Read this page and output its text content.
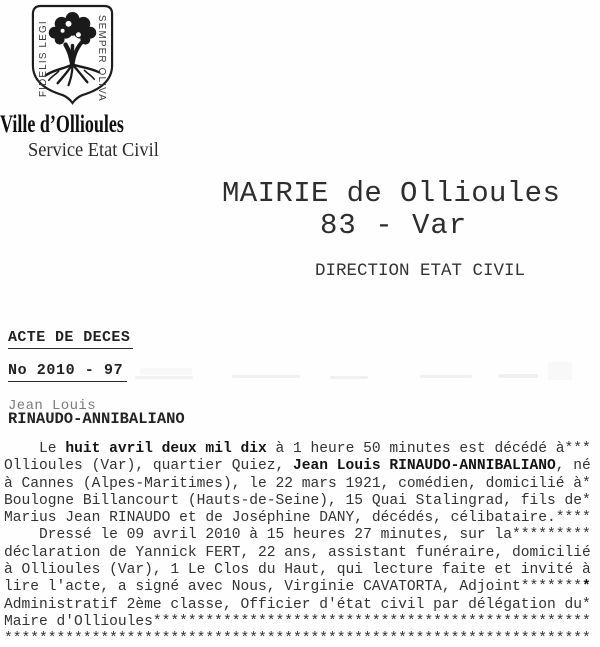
FIDELIS LEGI	SEMPER OLIVA
Ville d’Ollioules
Service Etat Civil
MAIRIE de Ollioules
83 - Var
DIRECTION ETAT CIVIL
ACTE DE DECES
No 2010 - 97
Jean Louis
RINAUDO-ANNIBALIANO
Le huit avril deux mil dix à 1 heure 50 minutes est décédé à***
Ollioules (Var), quartier Quiez, Jean Louis RINAUDO-ANNIBALIANO, né
à Cannes (Alpes-Maritimes), le 22 mars 1921, comédien, domicilié à*
Boulogne Billancourt (Hauts-de-Seine), 15 Quai Stalingrad, fils de*
Marius Jean RINAUDO et de Joséphine DANY, décédés, célibataire.****
Dressé le 09 avril 2010 à 15 heures 27 minutes, sur la*********
déclaration de Yannick FERT, 22 ans, assistant funéraire, domicilié
à Ollioules (Var), 1 Le Clos du Haut, qui lecture faite et invité à
lire l'acte, a signé avec Nous, Virginie CAVATORTA, Adjoint********
Administratif 2ème classe, Officier d'état civil par délégation du*
Maire d'Ollioules**************************************************
*******************************************************************
